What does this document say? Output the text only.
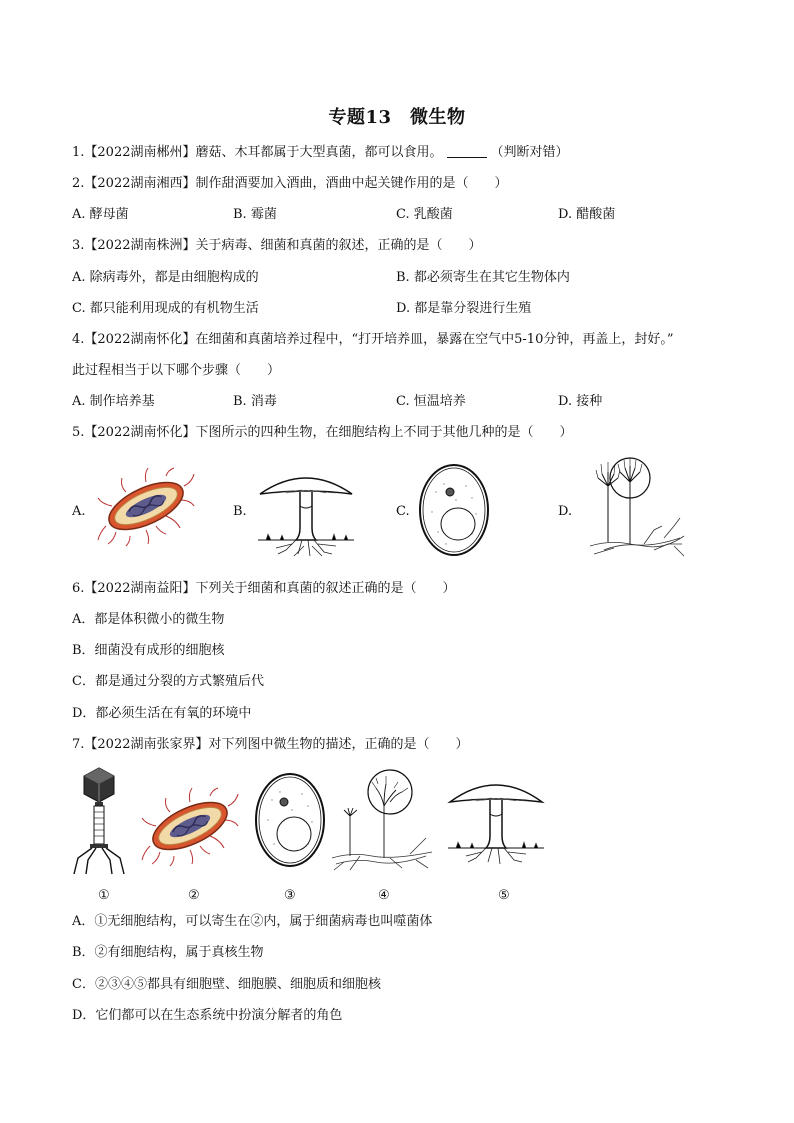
专题13　微生物
1.【2022湖南郴州】蘑菇、木耳都属于大型真菌，都可以食用。	（判断对错）
2.【2022湖南湘西】制作甜酒要加入酒曲，酒曲中起关键作用的是（　　）
A. 酵母菌	B. 霉菌	C. 乳酸菌	D. 醋酸菌
3.【2022湖南株洲】关于病毒、细菌和真菌的叙述，正确的是（　　）
A. 除病毒外，都是由细胞构成的	B. 都必须寄生在其它生物体内
C. 都只能利用现成的有机物生活	D. 都是靠分裂进行生殖
4.【2022湖南怀化】在细菌和真菌培养过程中，“打开培养皿，暴露在空气中5-10分钟，再盖上，封好。”
此过程相当于以下哪个步骤（　　）
A. 制作培养基	B. 消毒	C. 恒温培养	D. 接种
5.【2022湖南怀化】下图所示的四种生物，在细胞结构上不同于其他几种的是（　　）
A.	B.	C.	D.
6.【2022湖南益阳】下列关于细菌和真菌的叙述正确的是（　　）
A．都是体积微小的微生物
B．细菌没有成形的细胞核
C．都是通过分裂的方式繁殖后代
D．都必须生活在有氧的环境中
7.【2022湖南张家界】对下列图中微生物的描述，正确的是（　　）
①	②	③	④	⑤
A．①无细胞结构，可以寄生在②内，属于细菌病毒也叫噬菌体
B．②有细胞结构，属于真核生物
C．②③④⑤都具有细胞壁、细胞膜、细胞质和细胞核
D．它们都可以在生态系统中扮演分解者的角色
